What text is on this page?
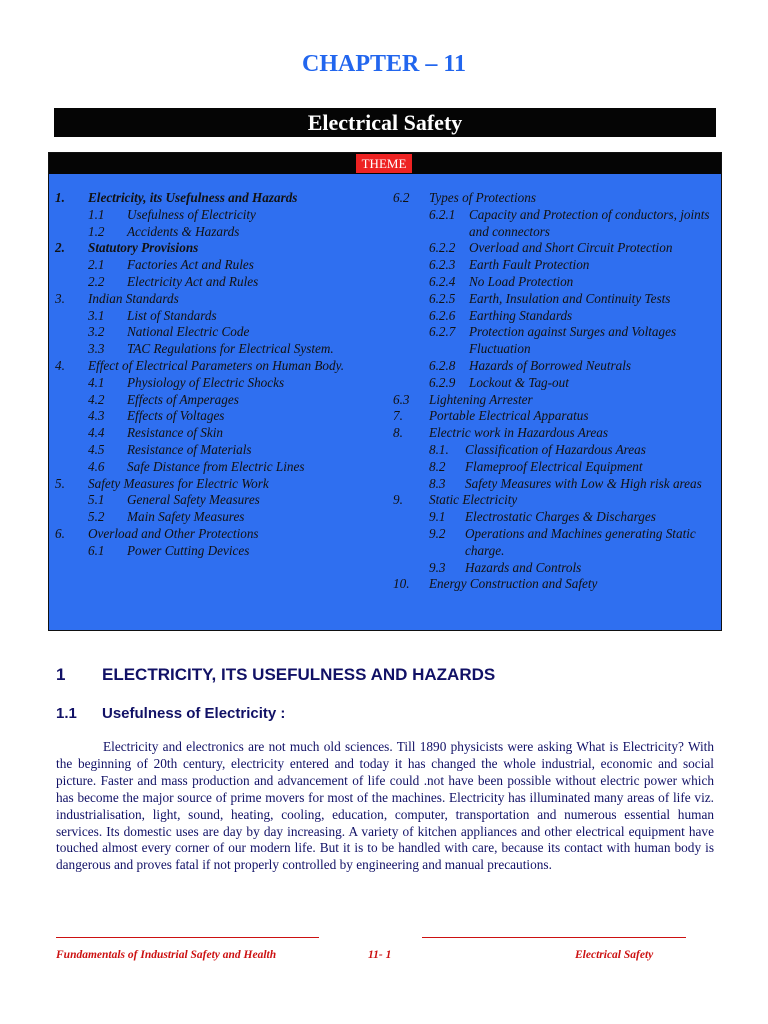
CHAPTER – 11
Electrical Safety
THEME
1.	Electricity, its Usefulness and Hazards
1.1	Usefulness of Electricity
1.2	Accidents & Hazards
2.	Statutory Provisions
2.1	Factories Act and Rules
2.2	Electricity Act and Rules
3.	Indian Standards
3.1	List of Standards
3.2	National Electric Code
3.3	TAC Regulations for Electrical System.
4.	Effect of Electrical Parameters on Human Body.
4.1	Physiology of Electric Shocks
4.2	Effects of Amperages
4.3	Effects of Voltages
4.4	Resistance of Skin
4.5	Resistance of Materials
4.6	Safe Distance from Electric Lines
5.	Safety Measures for Electric Work
5.1	General Safety Measures
5.2	Main Safety Measures
6.	Overload and Other Protections
6.1	Power Cutting Devices
6.2	Types of Protections
6.2.1	Capacity and Protection of conductors, joints and connectors
6.2.2	Overload and Short Circuit Protection
6.2.3	Earth Fault Protection
6.2.4	No Load Protection
6.2.5	Earth, Insulation and Continuity Tests
6.2.6	Earthing Standards
6.2.7	Protection against Surges and Voltages Fluctuation
6.2.8	Hazards of Borrowed Neutrals
6.2.9	Lockout & Tag-out
6.3	Lightening Arrester
7.	Portable Electrical Apparatus
8.	Electric work in Hazardous Areas
8.1.	Classification of Hazardous Areas
8.2	Flameproof Electrical Equipment
8.3	Safety Measures with Low & High risk areas
9.	Static Electricity
9.1	Electrostatic Charges & Discharges
9.2	Operations and Machines generating Static charge.
9.3	Hazards and Controls
10.	Energy Construction and Safety
1 ELECTRICITY, ITS USEFULNESS AND HAZARDS
1.1 Usefulness of Electricity :
Electricity and electronics are not much old sciences. Till 1890 physicists were asking What is Electricity? With the beginning of 20th century, electricity entered and today it has changed the whole industrial, economic and social picture. Faster and mass production and advancement of life could .not have been possible without electric power which has become the major source of prime movers for most of the machines. Electricity has illuminated many areas of life viz. industrialisation, light, sound, heating, cooling, education, computer, transportation and numerous essential human services. Its domestic uses are day by day increasing. A variety of kitchen appliances and other electrical equipment have touched almost every corner of our modern life. But it is to be handled with care, because its contact with human body is dangerous and proves fatal if not properly controlled by engineering and manual precautions.
Fundamentals of Industrial Safety and Health	11- 1	Electrical Safety
